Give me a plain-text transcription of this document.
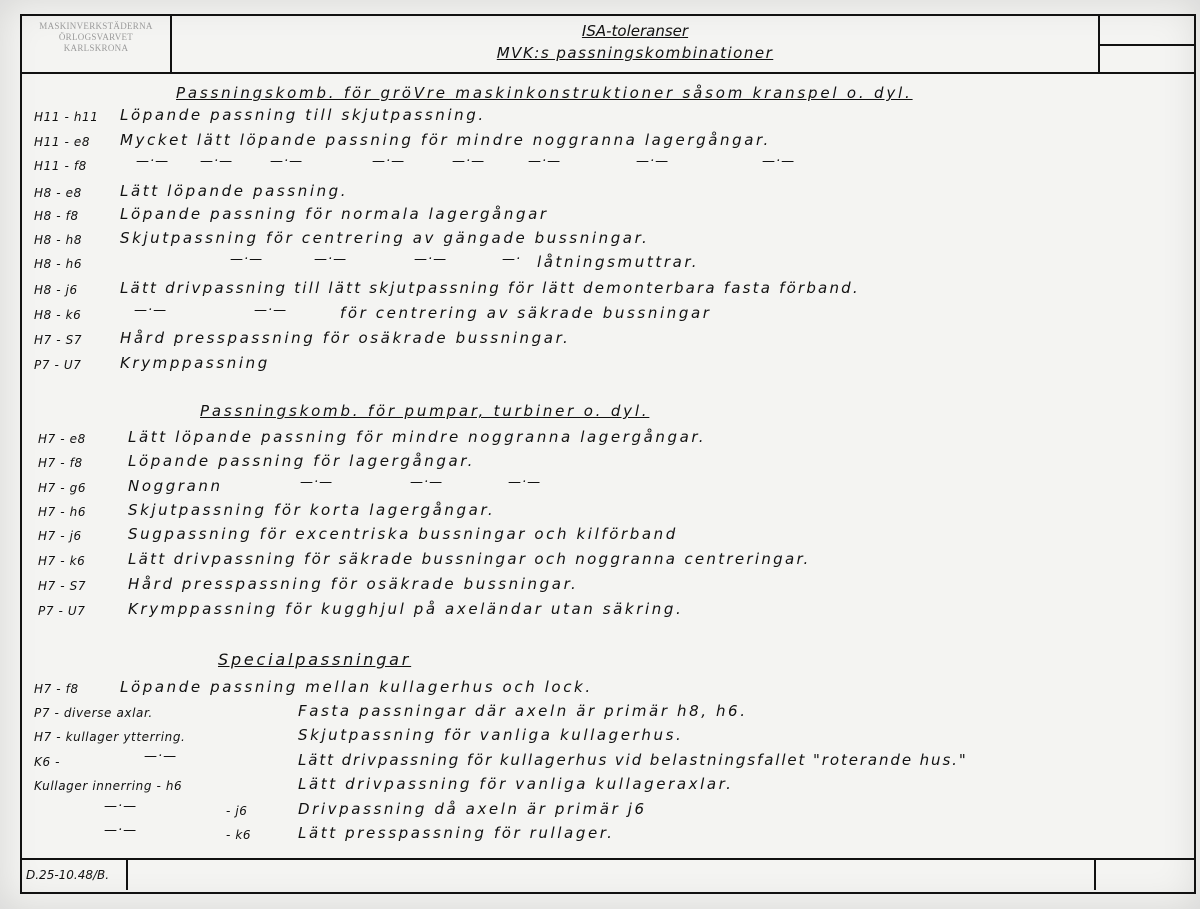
MASKINVERKSTÄDERNA
ÖRLOGSVARVET
KARLSKRONA
ISA-toleranser
MVK:s passningskombinationer
D.25-10.48/B.
Passningskomb. för gröVre maskinkonstruktioner såsom kranspel o. dyl.
H11 - h11 Löpande passning till skjutpassning.
H11 - e8 Mycket lätt löpande passning för mindre noggranna lagergångar.
H11 - f8	—·— —·—	—·—	—·—	—·—	—·—	—·—	—·—
H8 - e8	Lätt löpande passning.
H8 - f8	Löpande passning för normala lagergångar
H8 - h8	Skjutpassning för centrering av gängade bussningar.
H8 - h6	—·—	—·—	—·—	—· låtningsmuttrar.
H8 - j6	Lätt drivpassning till lätt skjutpassning för lätt demonterbara fasta förband.
H8 - k6	—·—	—·—	för centrering av säkrade bussningar
H7 - S7	Hård presspassning för osäkrade bussningar.
P7 - U7	Krymppassning
Passningskomb. för pumpar, turbiner o. dyl.
H7 - e8	Lätt löpande passning för mindre noggranna lagergångar.
H7 - f8	Löpande passning för lagergångar.
H7 - g6	Noggrann	—·—	—·—	—·—
H7 - h6	Skjutpassning för korta lagergångar.
H7 - j6	Sugpassning för excentriska bussningar och kilförband
H7 - k6	Lätt drivpassning för säkrade bussningar och noggranna centreringar.
H7 - S7	Hård presspassning för osäkrade bussningar.
P7 - U7	Krymppassning för kugghjul på axeländar utan säkring.
Specialpassningar
H7 - f8	Löpande passning mellan kullagerhus och lock.
P7 - diverse axlar.	Fasta passningar där axeln är primär h8, h6.
H7 - kullager ytterring.	Skjutpassning för vanliga kullagerhus.
K6 -	—·—	Lätt drivpassning för kullagerhus vid belastningsfallet "roterande hus."
Kullager innerring - h6	Lätt drivpassning för vanliga kullageraxlar.
—·—	- j6	Drivpassning då axeln är primär j6
—·—	- k6	Lätt presspassning för rullager.
